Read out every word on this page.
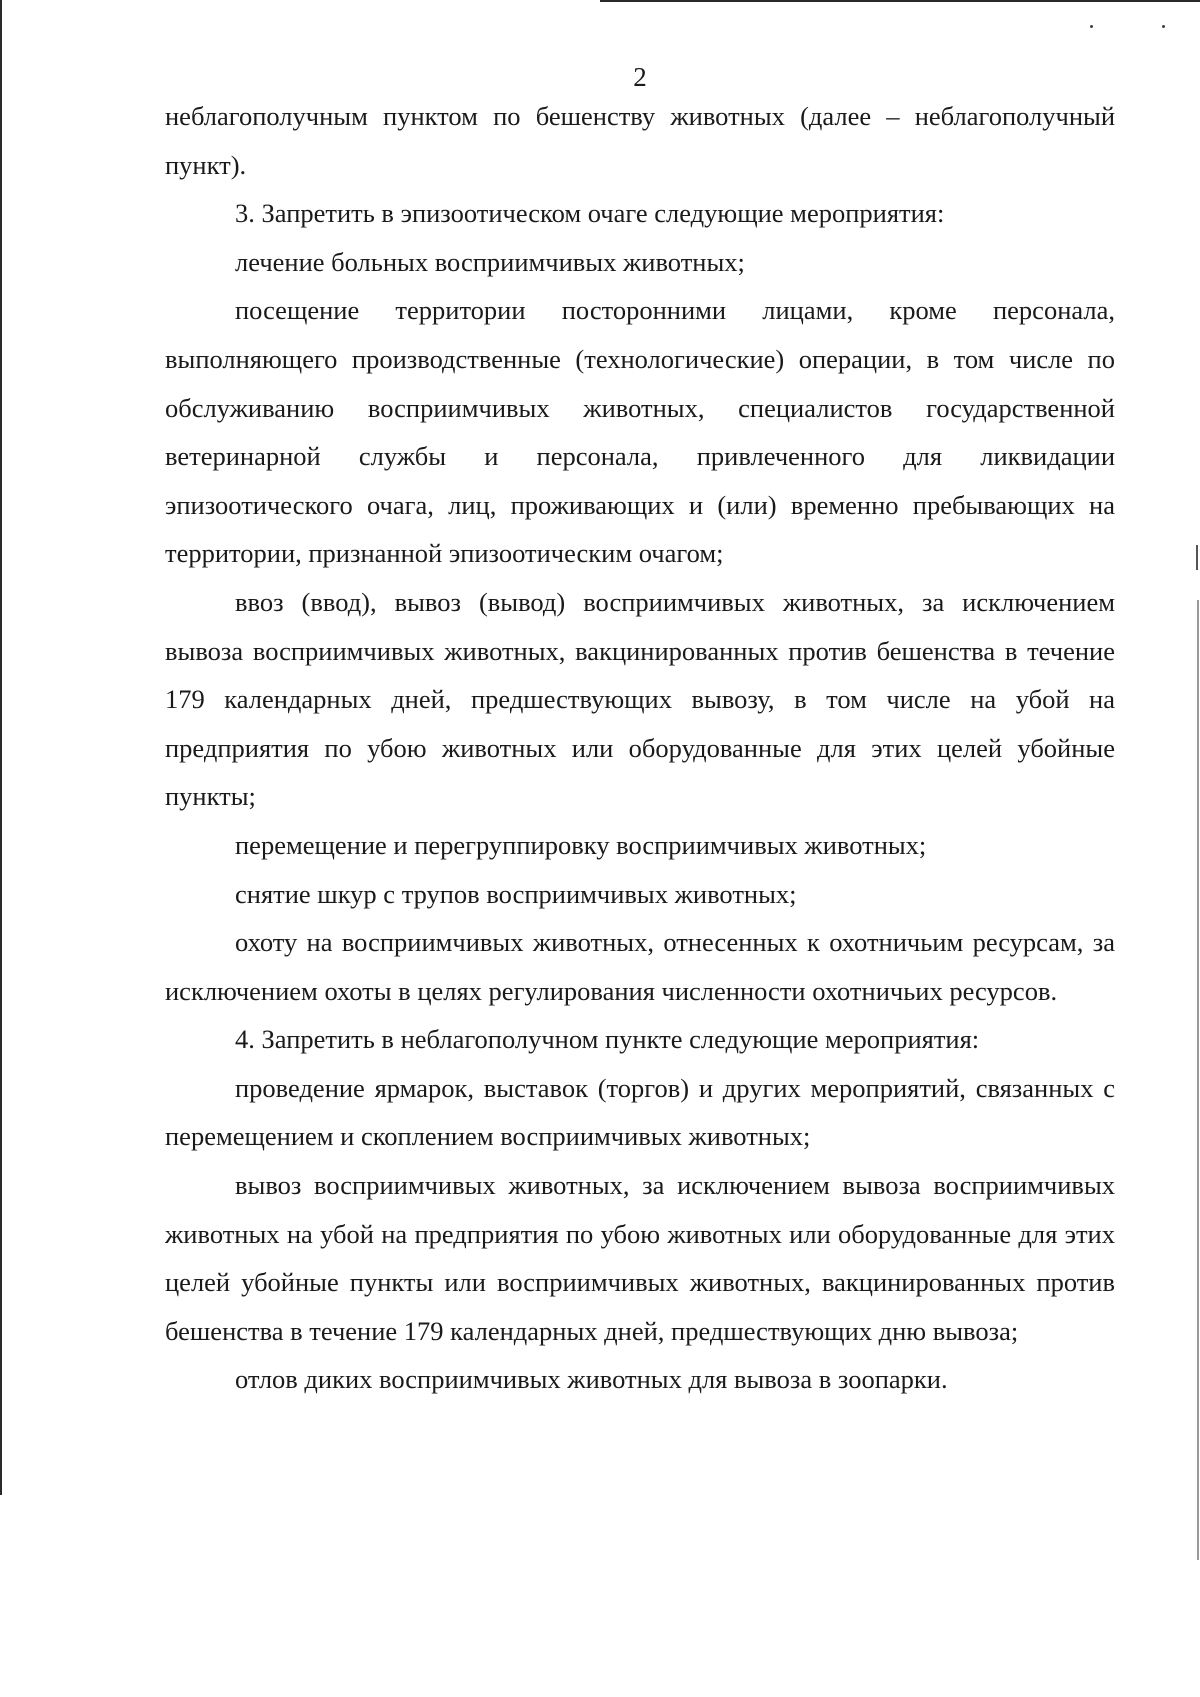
2

неблагополучным пунктом по бешенству животных (далее – неблагополучный пункт).

3. Запретить в эпизоотическом очаге следующие мероприятия:

лечение больных восприимчивых животных;

посещение территории посторонними лицами, кроме персонала, выполняющего производственные (технологические) операции, в том числе по обслуживанию восприимчивых животных, специалистов государственной ветеринарной службы и персонала, привлеченного для ликвидации эпизоотического очага, лиц, проживающих и (или) временно пребывающих на территории, признанной эпизоотическим очагом;

ввоз (ввод), вывоз (вывод) восприимчивых животных, за исключением вывоза восприимчивых животных, вакцинированных против бешенства в течение 179 календарных дней, предшествующих вывозу, в том числе на убой на предприятия по убою животных или оборудованные для этих целей убойные пункты;

перемещение и перегруппировку восприимчивых животных;

снятие шкур с трупов восприимчивых животных;

охоту на восприимчивых животных, отнесенных к охотничьим ресурсам, за исключением охоты в целях регулирования численности охотничьих ресурсов.

4. Запретить в неблагополучном пункте следующие мероприятия:

проведение ярмарок, выставок (торгов) и других мероприятий, связанных с перемещением и скоплением восприимчивых животных;

вывоз восприимчивых животных, за исключением вывоза восприимчивых животных на убой на предприятия по убою животных или оборудованные для этих целей убойные пункты или восприимчивых животных, вакцинированных против бешенства в течение 179 календарных дней, предшествующих дню вывоза;

отлов диких восприимчивых животных для вывоза в зоопарки.
